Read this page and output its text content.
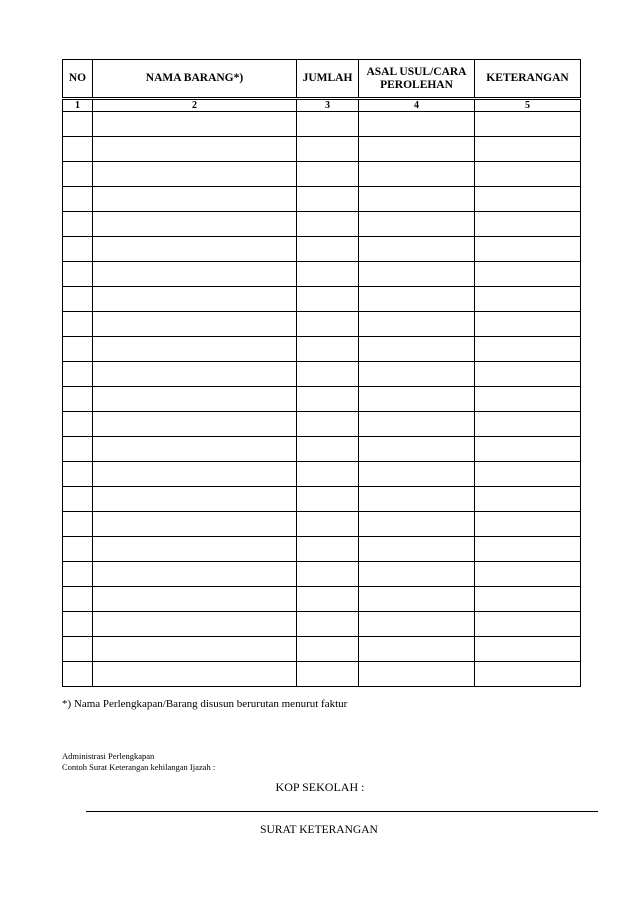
NO	NAMA BARANG*)	JUMLAH	ASAL USUL/CARA PEROLEHAN	KETERANGAN
1	2	3	4	5

*) Nama Perlengkapan/Barang disusun berurutan menurut faktur
Administrasi Perlengkapan
Contoh Surat Keterangan kehilangan Ijazah :
KOP SEKOLAH :
SURAT KETERANGAN
